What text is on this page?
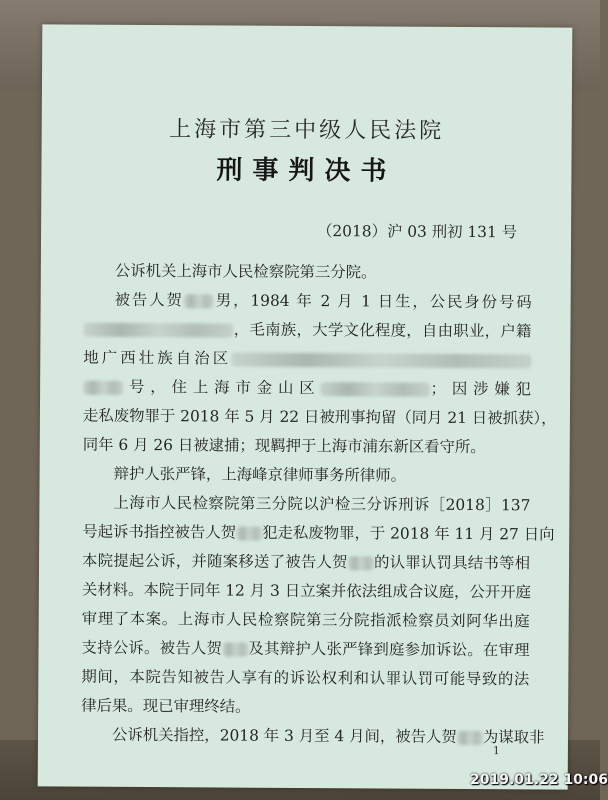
上海市第三中级人民法院
刑事判决书
（2018）沪 03 刑初 131 号
公诉机关上海市人民检察院第三分院。
被告人贺 男，1984 年 2 月 1 日生，公民身份号码
，毛南族，大学文化程度，自由职业，户籍
地广西壮族自治区
号，住上海市金山区	；因涉嫌犯
走私废物罪于 2018 年 5 月 22 日被刑事拘留（同月 21 日被抓获），
同年 6 月 26 日被逮捕；现羁押于上海市浦东新区看守所。
辩护人张严锋，上海峰京律师事务所律师。
上海市人民检察院第三分院以沪检三分诉刑诉［2018］137
号起诉书指控被告人贺 犯走私废物罪，于 2018 年 11 月 27 日向
本院提起公诉，并随案移送了被告人贺 的认罪认罚具结书等相
关材料。本院于同年 12 月 3 日立案并依法组成合议庭，公开开庭
审理了本案。上海市人民检察院第三分院指派检察员刘阿华出庭
支持公诉。被告人贺 及其辩护人张严锋到庭参加诉讼。在审理
期间，本院告知被告人享有的诉讼权利和认罪认罚可能导致的法
律后果。现已审理终结。
公诉机关指控，2018 年 3 月至 4 月间，被告人贺 为谋取非
1
2019.01.22 10:06
